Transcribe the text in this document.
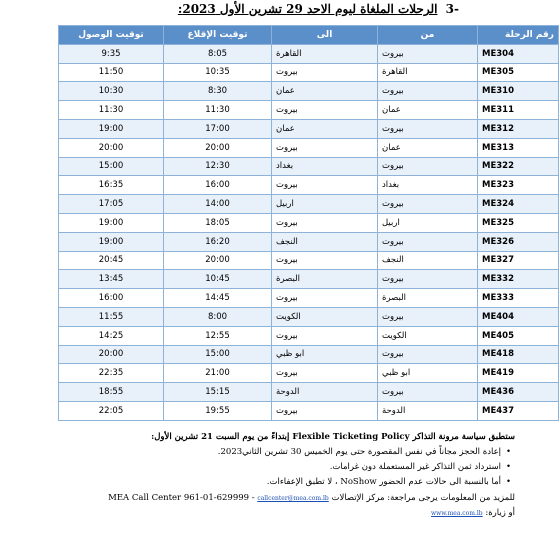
-3 الرحلات الملغاة ليوم الاحد 29 تشرين الأول 2023:
توقيت الوصول	توقيت الإقلاع	الى	من	رقم الرحلة
9:35	8:05	القاهرة	بيروت	ME304
11:50	10:35	بيروت	القاهرة	ME305
10:30	8:30	عمان	بيروت	ME310
11:30	11:30	بيروت	عمان	ME311
19:00	17:00	عمان	بيروت	ME312
20:00	20:00	بيروت	عمان	ME313
15:00	12:30	بغداد	بيروت	ME322
16:35	16:00	بيروت	بغداد	ME323
17:05	14:00	اربيل	بيروت	ME324
19:00	18:05	بيروت	اربيل	ME325
19:00	16:20	النجف	بيروت	ME326
20:45	20:00	بيروت	النجف	ME327
13:45	10:45	البصرة	بيروت	ME332
16:00	14:45	بيروت	البصرة	ME333
11:55	8:00	الكويت	بيروت	ME404
14:25	12:55	بيروت	الكويت	ME405
20:00	15:00	ابو ظبي	بيروت	ME418
22:35	21:00	بيروت	ابو ظبي	ME419
18:55	15:15	الدوحة	بيروت	ME436
22:05	19:55	بيروت	الدوحة	ME437
ستطبق سياسة مرونة التذاكر Flexible Ticketing Policy إبتداءً من يوم السبت 21 تشرين الأول:
• إعادة الحجز مجاناً في نفس المقصورة حتى يوم الخميس 30 تشرين الثاني2023.
• استرداد ثمن التذاكر غير المستعملة دون غرامات.
• أما بالنسبة الى حالات عدم الحضور NoShow ، لا تطبق الإعفاءات.
للمزيد من المعلومات يرجى مراجعة: مركز الإتصالات MEA Call Center 961-01-629999 - callcenter@mea.com.lb
أو زيارة: www.mea.com.lb
